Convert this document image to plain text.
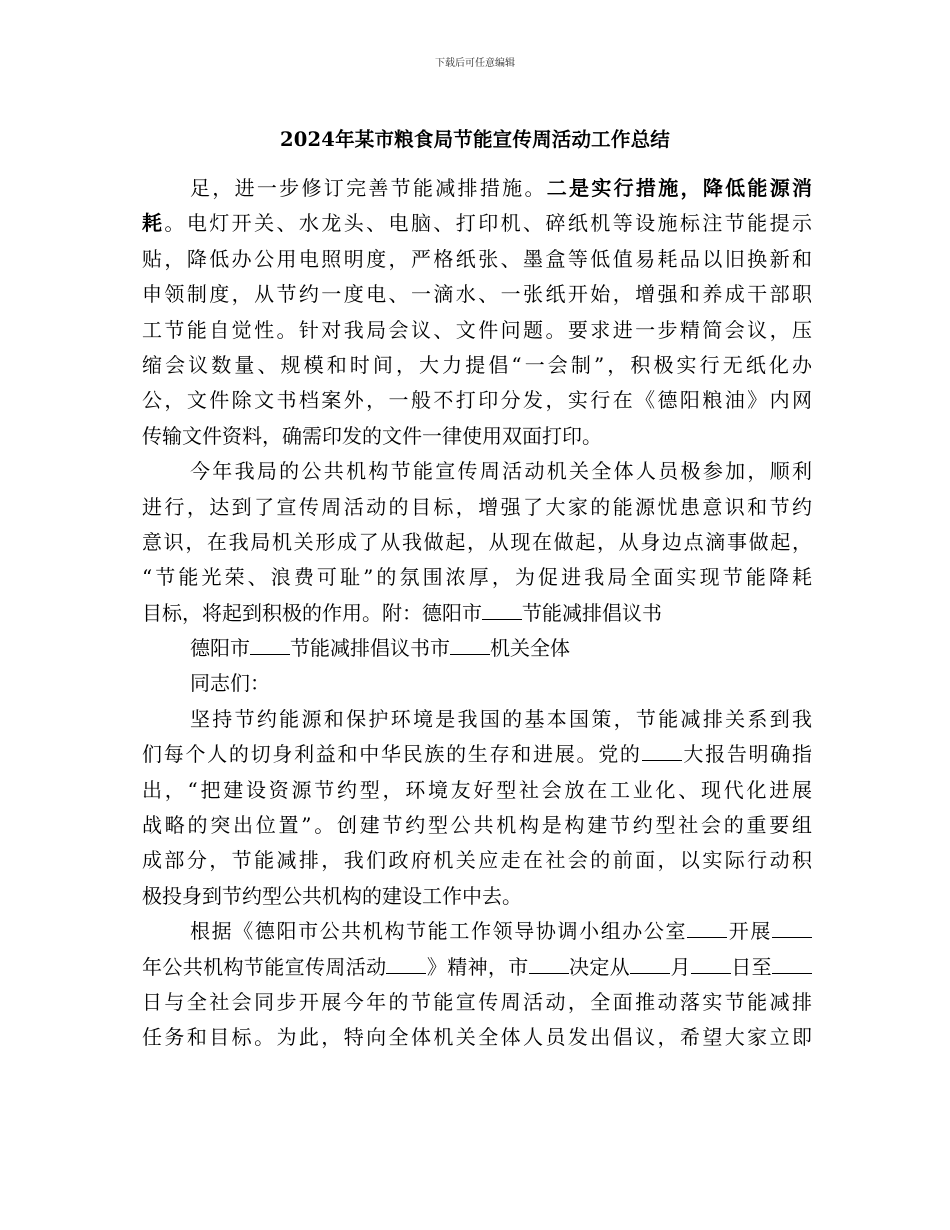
下载后可任意编辑
2024年某市粮食局节能宣传周活动工作总结
足，进一步修订完善节能减排措施。二是实行措施，降低能源消
耗。电灯开关、水龙头、电脑、打印机、碎纸机等设施标注节能提示
贴，降低办公用电照明度，严格纸张、墨盒等低值易耗品以旧换新和
申领制度，从节约一度电、一滴水、一张纸开始，增强和养成干部职
工节能自觉性。针对我局会议、文件问题。要求进一步精简会议，压
缩会议数量、规模和时间，大力提倡“一会制”，积极实行无纸化办
公，文件除文书档案外，一般不打印分发，实行在《德阳粮油》内网
传输文件资料，确需印发的文件一律使用双面打印。
今年我局的公共机构节能宣传周活动机关全体人员极参加，顺利
进行，达到了宣传周活动的目标，增强了大家的能源忧患意识和节约
意识，在我局机关形成了从我做起，从现在做起，从身边点滴事做起，
“节能光荣、浪费可耻”的氛围浓厚，为促进我局全面实现节能降耗
目标，将起到积极的作用。附：德阳市 节能减排倡议书
德阳市 节能减排倡议书市 机关全体
同志们：
坚持节约能源和保护环境是我国的基本国策，节能减排关系到我
们每个人的切身利益和中华民族的生存和进展。党的 大报告明确指
出，“把建设资源节约型，环境友好型社会放在工业化、现代化进展
战略的突出位置”。创建节约型公共机构是构建节约型社会的重要组
成部分，节能减排，我们政府机关应走在社会的前面，以实际行动积
极投身到节约型公共机构的建设工作中去。
根据《德阳市公共机构节能工作领导协调小组办公室 开展
年公共机构节能宣传周活动 》精神，市 决定从 月 日至
日与全社会同步开展今年的节能宣传周活动，全面推动落实节能减排
任务和目标。为此，特向全体机关全体人员发出倡议，希望大家立即
